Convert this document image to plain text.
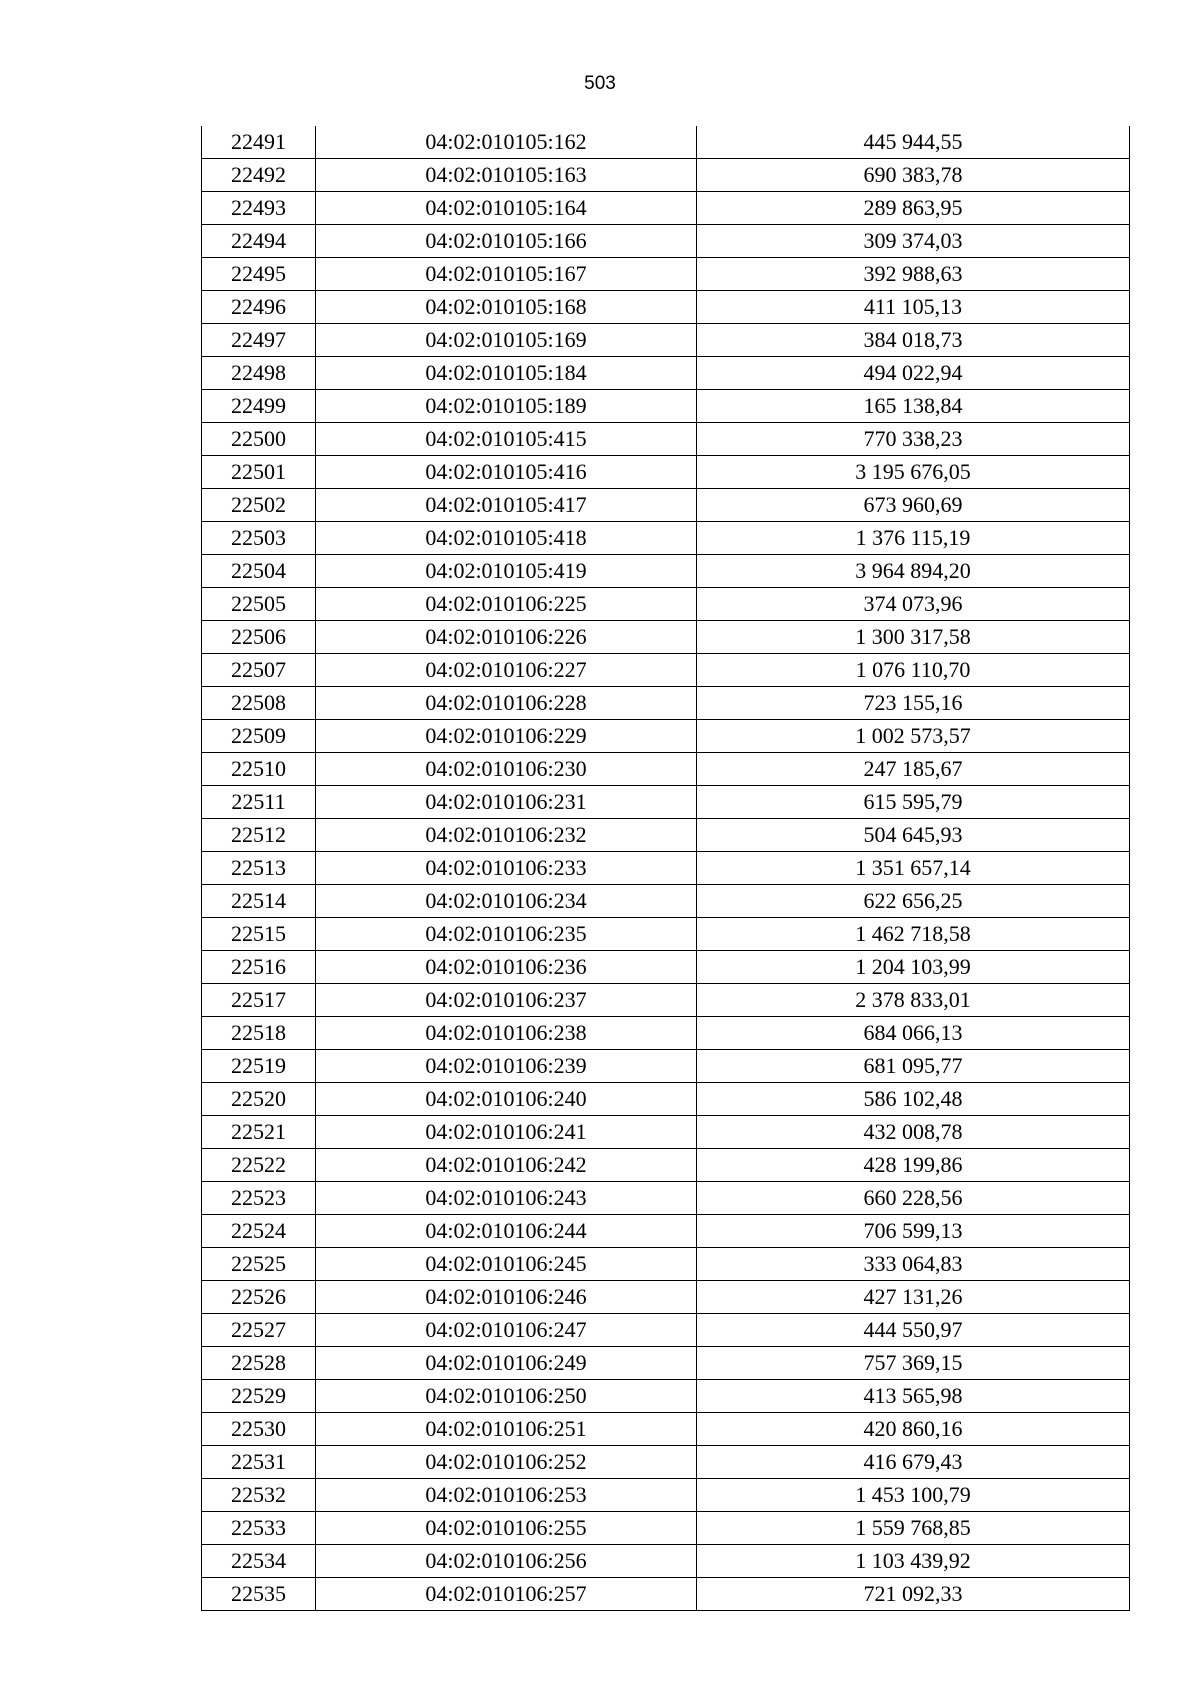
503
22491	04:02:010105:162	445 944,55
22492	04:02:010105:163	690 383,78
22493	04:02:010105:164	289 863,95
22494	04:02:010105:166	309 374,03
22495	04:02:010105:167	392 988,63
22496	04:02:010105:168	411 105,13
22497	04:02:010105:169	384 018,73
22498	04:02:010105:184	494 022,94
22499	04:02:010105:189	165 138,84
22500	04:02:010105:415	770 338,23
22501	04:02:010105:416	3 195 676,05
22502	04:02:010105:417	673 960,69
22503	04:02:010105:418	1 376 115,19
22504	04:02:010105:419	3 964 894,20
22505	04:02:010106:225	374 073,96
22506	04:02:010106:226	1 300 317,58
22507	04:02:010106:227	1 076 110,70
22508	04:02:010106:228	723 155,16
22509	04:02:010106:229	1 002 573,57
22510	04:02:010106:230	247 185,67
22511	04:02:010106:231	615 595,79
22512	04:02:010106:232	504 645,93
22513	04:02:010106:233	1 351 657,14
22514	04:02:010106:234	622 656,25
22515	04:02:010106:235	1 462 718,58
22516	04:02:010106:236	1 204 103,99
22517	04:02:010106:237	2 378 833,01
22518	04:02:010106:238	684 066,13
22519	04:02:010106:239	681 095,77
22520	04:02:010106:240	586 102,48
22521	04:02:010106:241	432 008,78
22522	04:02:010106:242	428 199,86
22523	04:02:010106:243	660 228,56
22524	04:02:010106:244	706 599,13
22525	04:02:010106:245	333 064,83
22526	04:02:010106:246	427 131,26
22527	04:02:010106:247	444 550,97
22528	04:02:010106:249	757 369,15
22529	04:02:010106:250	413 565,98
22530	04:02:010106:251	420 860,16
22531	04:02:010106:252	416 679,43
22532	04:02:010106:253	1 453 100,79
22533	04:02:010106:255	1 559 768,85
22534	04:02:010106:256	1 103 439,92
22535	04:02:010106:257	721 092,33
